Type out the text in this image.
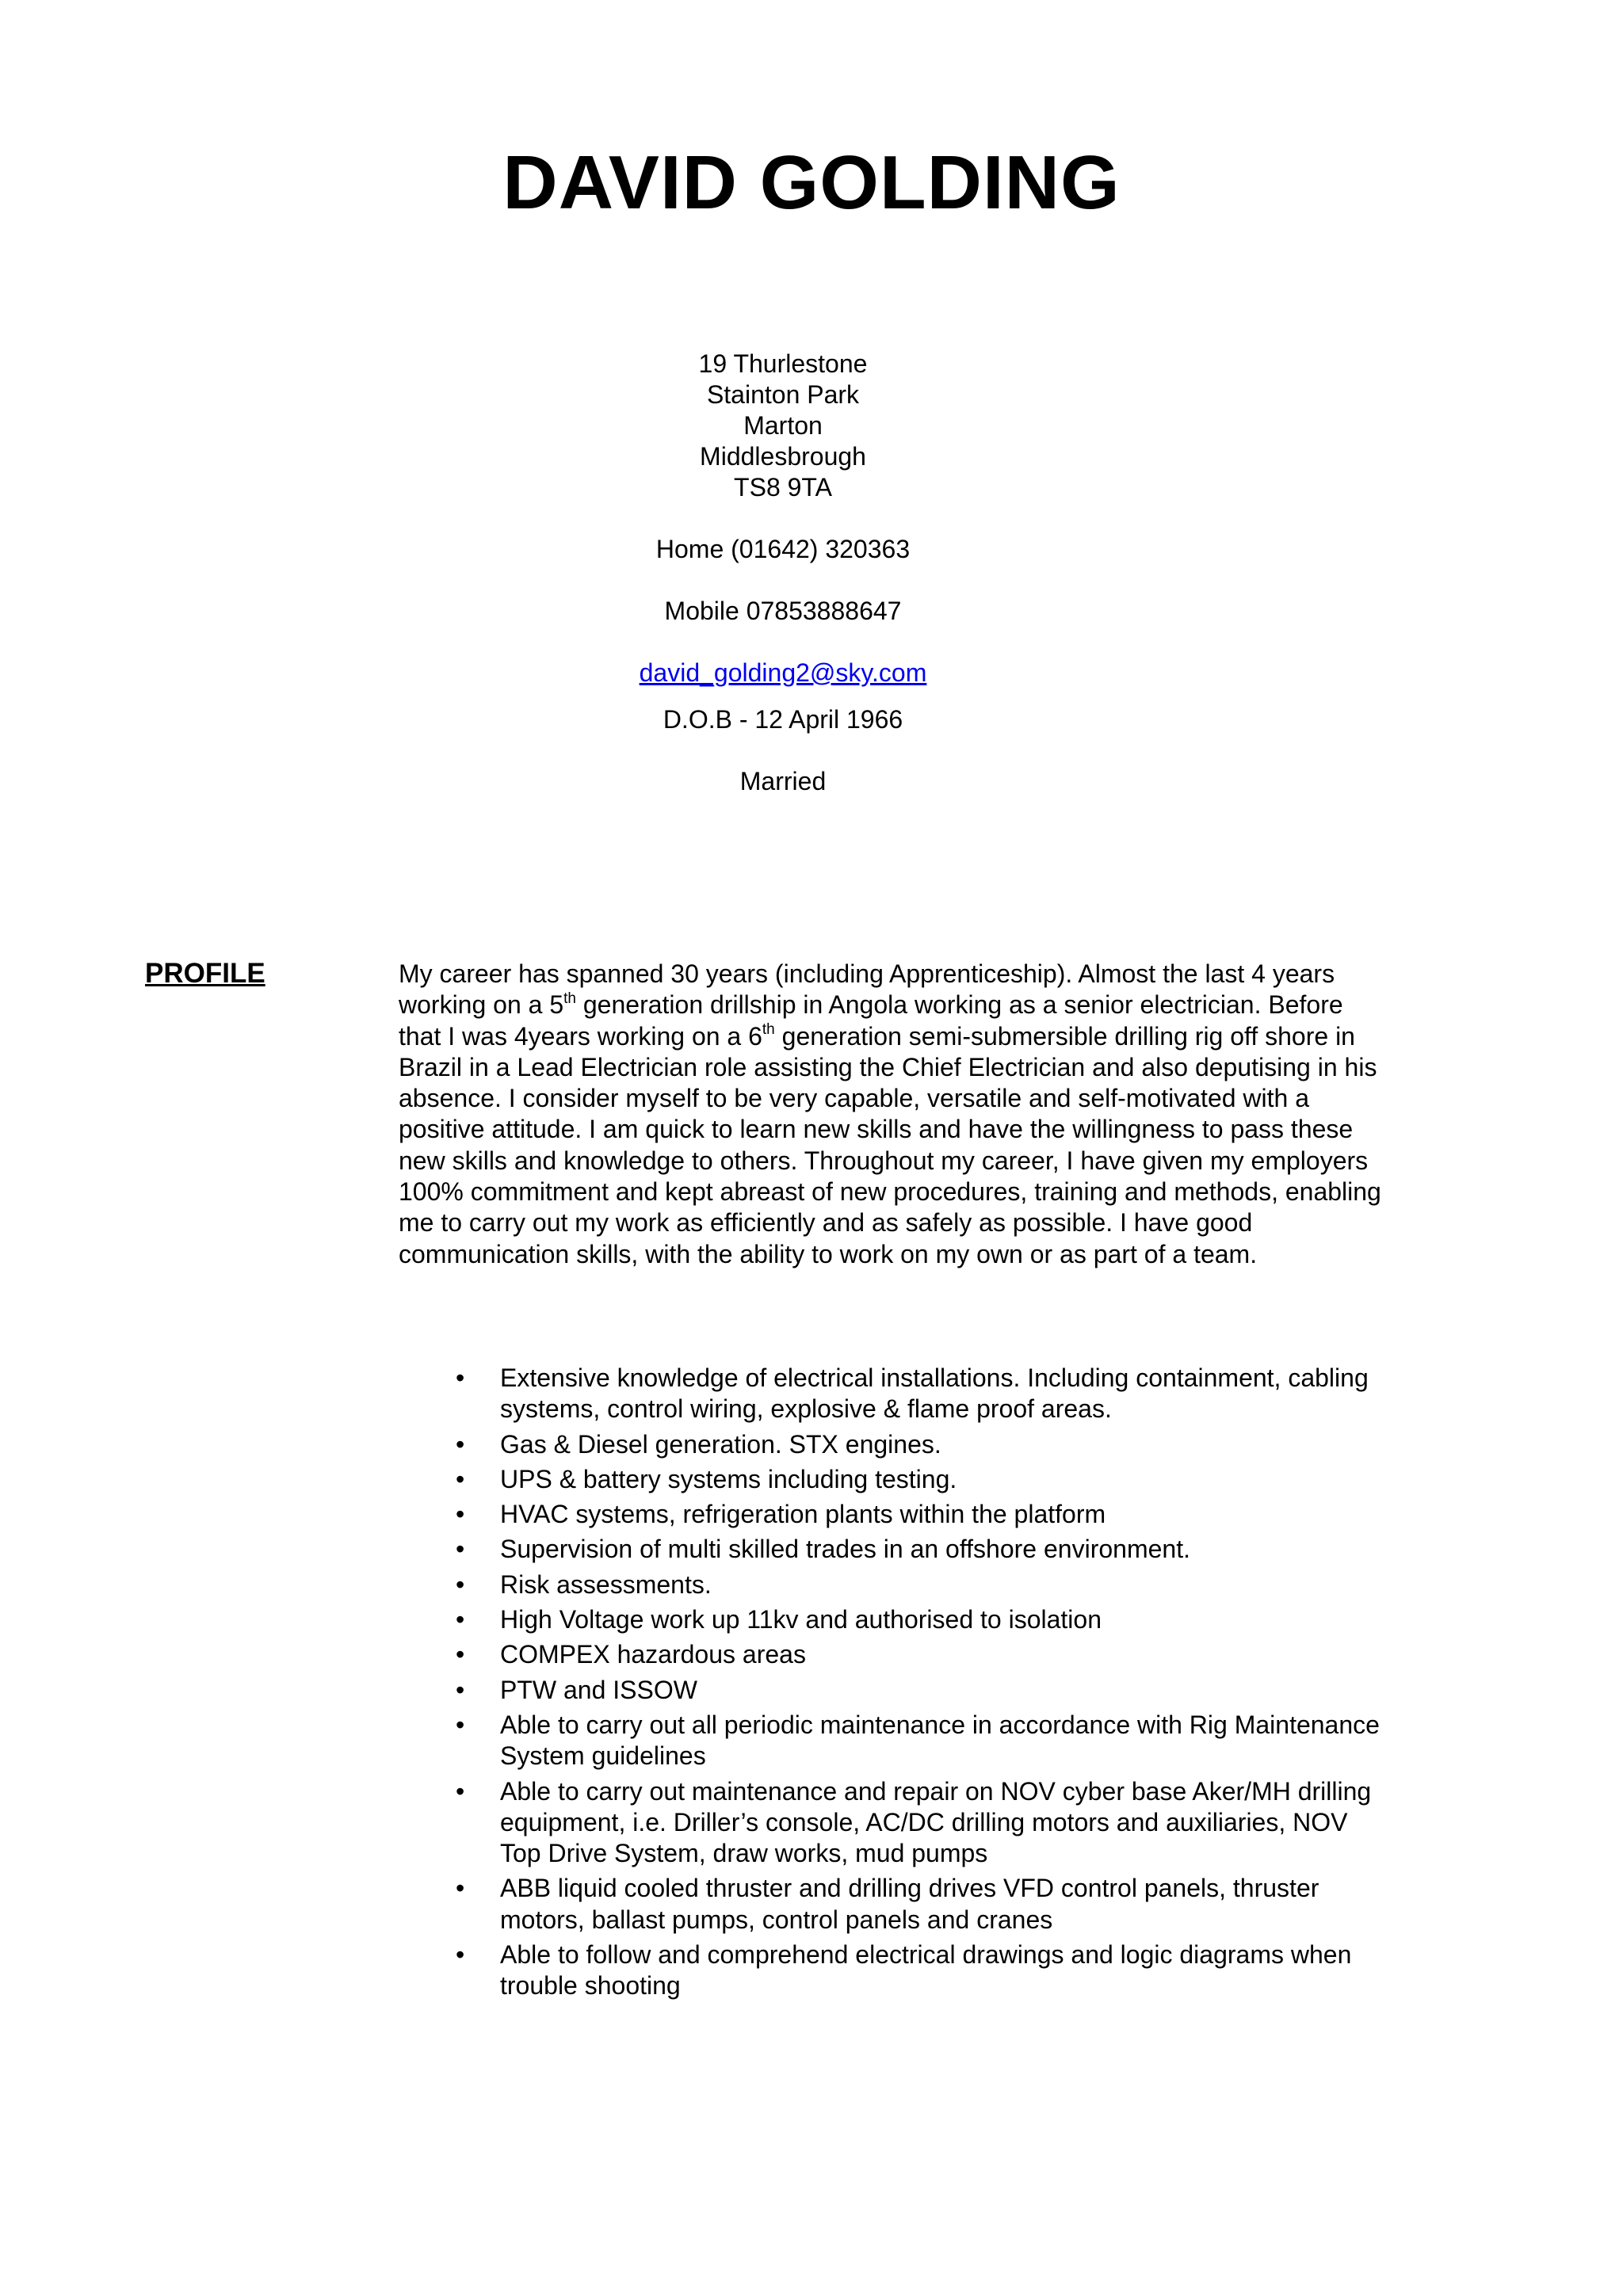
DAVID GOLDING
19 Thurlestone
Stainton Park
Marton
Middlesbrough
TS8 9TA
Home (01642) 320363
Mobile 07853888647
david_golding2@sky.com
D.O.B - 12 April 1966
Married
PROFILE	My career has spanned 30 years (including Apprenticeship). Almost the last 4 years working on a 5th generation drillship in Angola working as a senior electrician. Before that I was 4years working on a 6th generation semi-submersible drilling rig off shore in Brazil in a Lead Electrician role assisting the Chief Electrician and also deputising in his absence. I consider myself to be very capable, versatile and self-motivated with a positive attitude. I am quick to learn new skills and have the willingness to pass these new skills and knowledge to others. Throughout my career, I have given my employers 100% commitment and kept abreast of new procedures, training and methods, enabling me to carry out my work as efficiently and as safely as possible. I have good communication skills, with the ability to work on my own or as part of a team.
• Extensive knowledge of electrical installations. Including containment, cabling systems, control wiring, explosive & flame proof areas.
• Gas & Diesel generation. STX engines.
• UPS & battery systems including testing.
• HVAC systems, refrigeration plants within the platform
• Supervision of multi skilled trades in an offshore environment.
• Risk assessments.
• High Voltage work up 11kv and authorised to isolation
• COMPEX hazardous areas
• PTW and ISSOW
• Able to carry out all periodic maintenance in accordance with Rig Maintenance System guidelines
• Able to carry out maintenance and repair on NOV cyber base Aker/MH drilling equipment, i.e. Driller’s console, AC/DC drilling motors and auxiliaries, NOV Top Drive System, draw works, mud pumps
• ABB liquid cooled thruster and drilling drives VFD control panels, thruster motors, ballast pumps, control panels and cranes
• Able to follow and comprehend electrical drawings and logic diagrams when trouble shooting
